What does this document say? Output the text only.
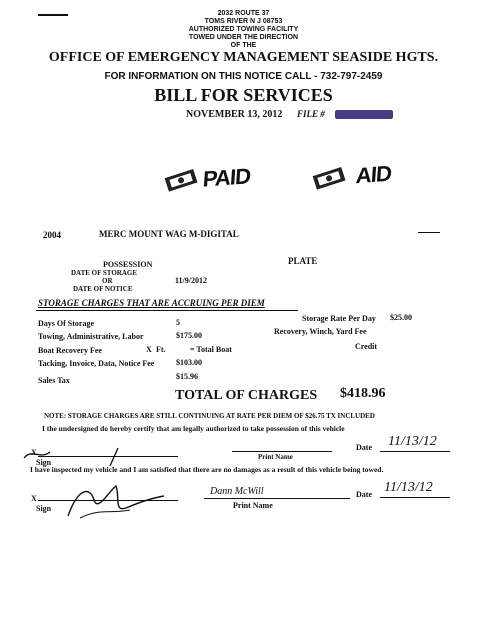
2032 ROUTE 37
TOMS RIVER N J 08753
AUTHORIZED TOWING FACILITY
TOWED UNDER THE DIRECTION
OF THE
OFFICE OF EMERGENCY MANAGEMENT SEASIDE HGTS.
FOR INFORMATION ON THIS NOTICE CALL - 732-797-2459
BILL FOR SERVICES
NOVEMBER 13, 2012 FILE #
PAID	AID
2004	MERC MOUNT WAG M-DIGITAL
POSSESSION	PLATE
DATE OF STORAGE
OR
DATE OF NOTICE
11/9/2012
STORAGE CHARGES THAT ARE ACCRUING PER DIEM
Days Of Storage	5	Storage Rate Per Day $25.00
Towing, Administrative, Labor	$175.00	Recovery, Winch, Yard Fee
Boat Recovery Fee	X Ft.	= Total Boat	Credit
Tacking, Invoice, Data, Notice Fee	$103.00
Sales Tax	$15.96
TOTAL OF CHARGES $418.96
NOTE: STORAGE CHARGES ARE STILL CONTINUING AT RATE PER DIEM OF $26.75 TX INCLUDED
I the undersigned do hereby certify that am legally authorized to take possession of this vehicle
X
Sign
Print Name
Date 11/13/12
I have inspected my vehicle and I am satisfied that there are no damages as a result of this vehicle being towed.
X
Sign
Dann McWill
Print Name
Date 11/13/12
